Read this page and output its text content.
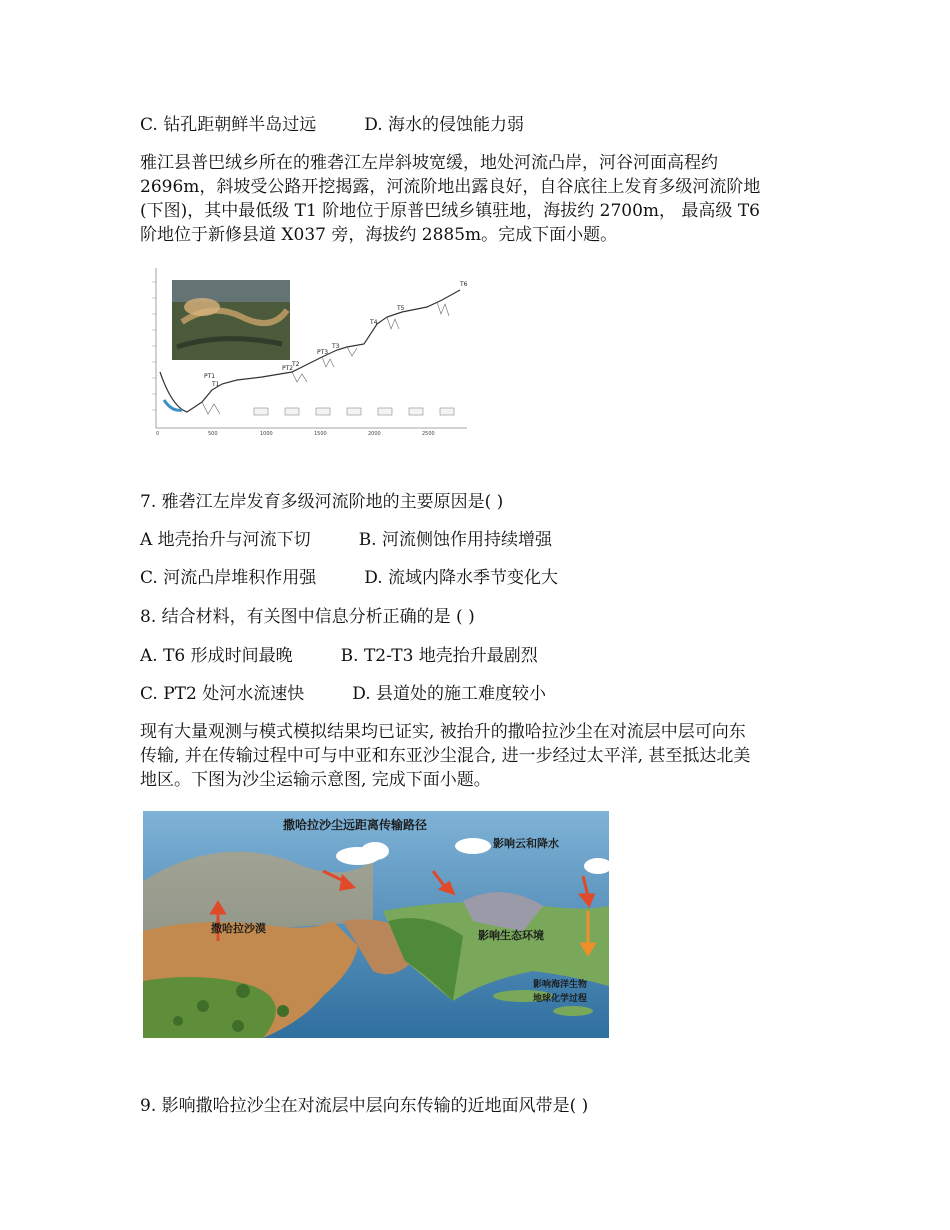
C. 钻孔距朝鲜半岛过远	D. 海水的侵蚀能力弱
雅江县普巴绒乡所在的雅砻江左岸斜坡宽缓，地处河流凸岸，河谷河面高程约
2696m，斜坡受公路开挖揭露，河流阶地出露良好，自谷底往上发育多级河流阶地
(下图)，其中最低级 T1 阶地位于原普巴绒乡镇驻地，海拔约 2700m， 最高级 T6
阶地位于新修县道 X037 旁，海拔约 2885m。完成下面小题。
T1
T2
T3
T4
T5
T6
PT1
PT2
PT3
0	500	1000	1500	2000	2500
7. 雅砻江左岸发育多级河流阶地的主要原因是( )
A 地壳抬升与河流下切	B. 河流侧蚀作用持续增强
C. 河流凸岸堆积作用强	D. 流域内降水季节变化大
8. 结合材料，有关图中信息分析正确的是 ( )
A. T6 形成时间最晚	B. T2-T3 地壳抬升最剧烈
C. PT2 处河水流速快	D. 县道处的施工难度较小
现有大量观测与模式模拟结果均已证实, 被抬升的撒哈拉沙尘在对流层中层可向东
传输, 并在传输过程中可与中亚和东亚沙尘混合, 进一步经过太平洋, 甚至抵达北美
地区。下图为沙尘运输示意图, 完成下面小题。
撒哈拉沙尘远距离传输路径
影响云和降水
撒哈拉沙漠
影响生态环境
影响海洋生物
地球化学过程
9. 影响撒哈拉沙尘在对流层中层向东传输的近地面风带是( )
